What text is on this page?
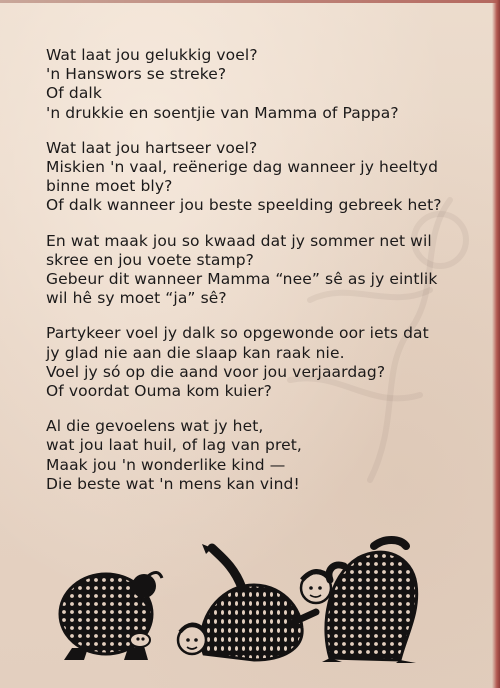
Wat laat jou gelukkig voel?
'n Hanswors se streke?
Of dalk
'n drukkie en soentjie van Mamma of Pappa?
Wat laat jou hartseer voel?
Miskien 'n vaal, reënerige dag wanneer jy heeltyd
binne moet bly?
Of dalk wanneer jou beste speelding gebreek het?
En wat maak jou so kwaad dat jy sommer net wil
skree en jou voete stamp?
Gebeur dit wanneer Mamma “nee” sê as jy eintlik
wil hê sy moet “ja” sê?
Partykeer voel jy dalk so opgewonde oor iets dat
jy glad nie aan die slaap kan raak nie.
Voel jy só op die aand voor jou verjaardag?
Of voordat Ouma kom kuier?
Al die gevoelens wat jy het,
wat jou laat huil, of lag van pret,
Maak jou 'n wonderlike kind —
Die beste wat 'n mens kan vind!
